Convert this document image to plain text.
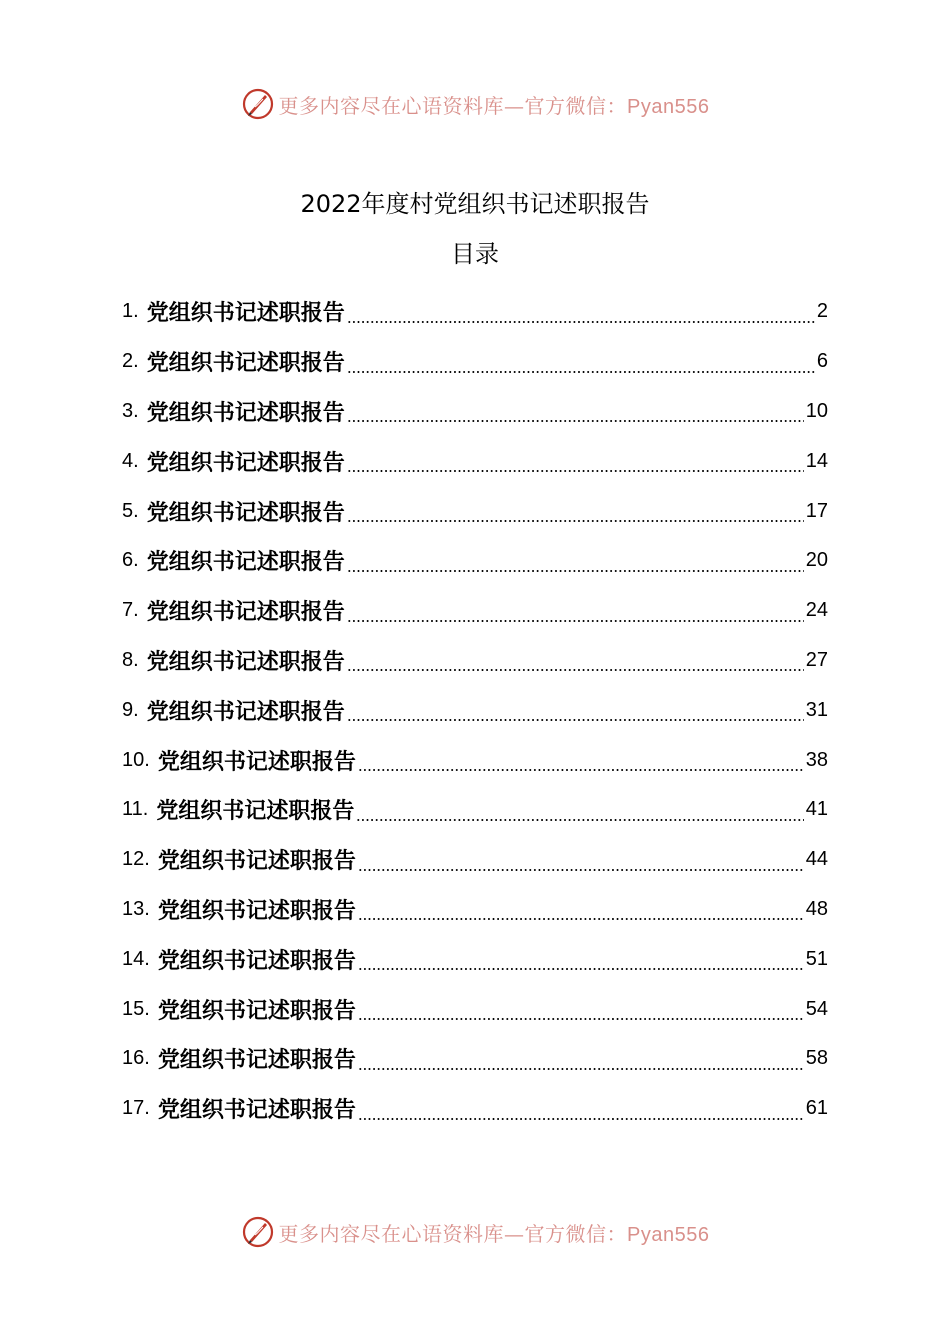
更多内容尽在心语资料库—官方微信：Pyan556
2022年度村党组织书记述职报告
目录
1. 党组织书记述职报告	2
2. 党组织书记述职报告	6
3. 党组织书记述职报告	10
4. 党组织书记述职报告	14
5. 党组织书记述职报告	17
6. 党组织书记述职报告	20
7. 党组织书记述职报告	24
8. 党组织书记述职报告	27
9. 党组织书记述职报告	31
10. 党组织书记述职报告	38
11. 党组织书记述职报告	41
12. 党组织书记述职报告	44
13. 党组织书记述职报告	48
14. 党组织书记述职报告	51
15. 党组织书记述职报告	54
16. 党组织书记述职报告	58
17. 党组织书记述职报告	61
更多内容尽在心语资料库—官方微信：Pyan556
